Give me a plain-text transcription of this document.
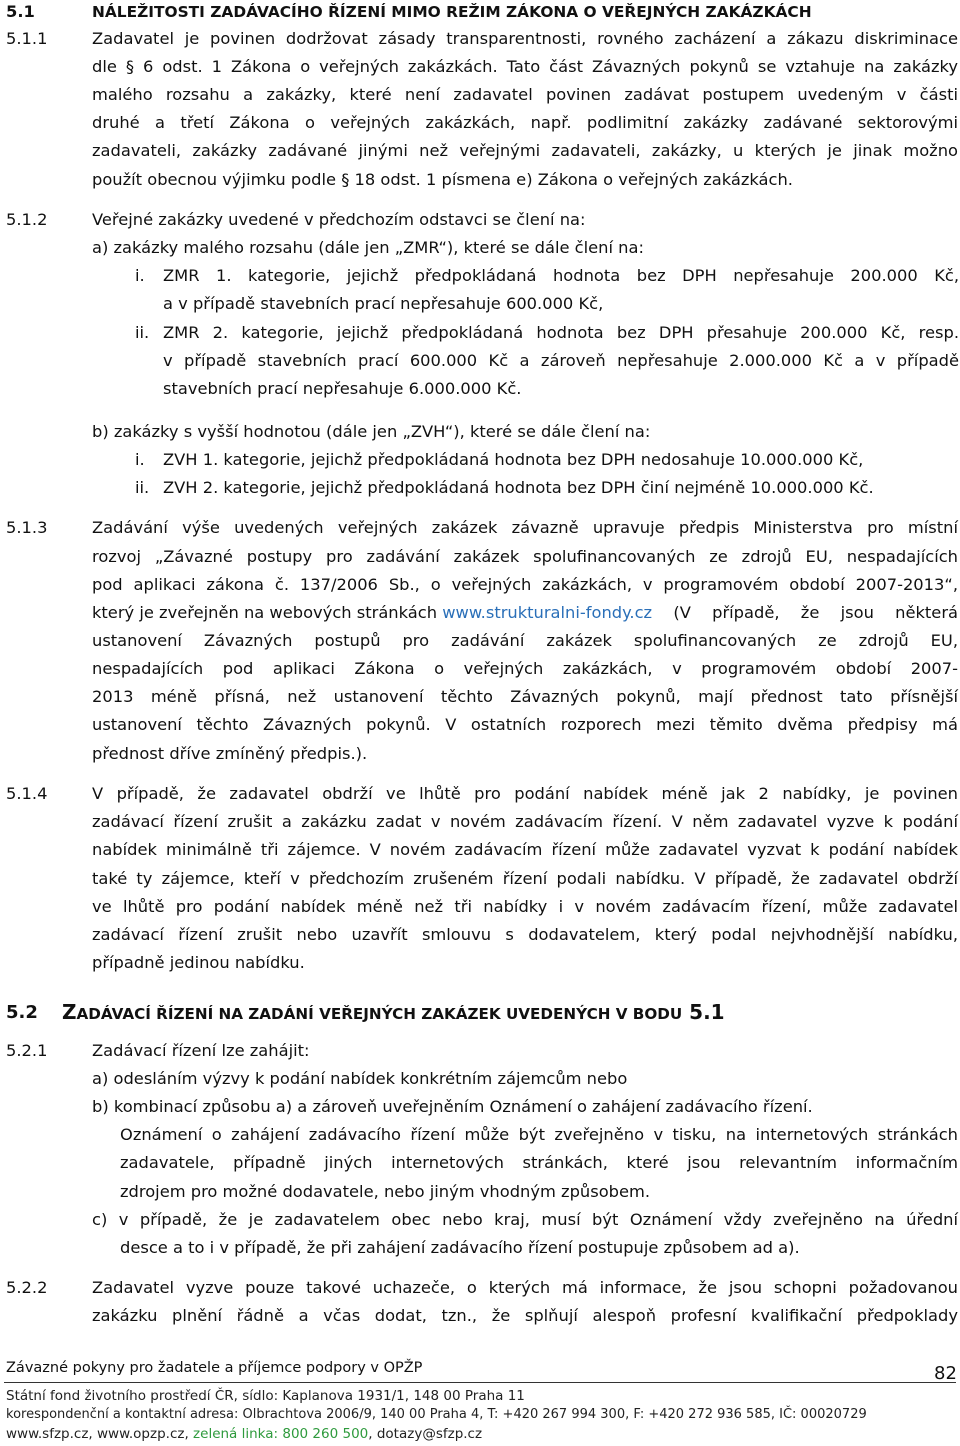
5.1	NÁLEŽITOSTI ZADÁVACÍHO ŘÍZENÍ MIMO REŽIM ZÁKONA O VEŘEJNÝCH ZAKÁZKÁCH
5.1.1	Zadavatel je povinen dodržovat zásady transparentnosti, rovného zacházení a zákazu diskriminace
dle § 6 odst. 1 Zákona o veřejných zakázkách. Tato část Závazných pokynů se vztahuje na zakázky
malého rozsahu a zakázky, které není zadavatel povinen zadávat postupem uvedeným v části
druhé a třetí Zákona o veřejných zakázkách, např. podlimitní zakázky zadávané sektorovými
zadavateli, zakázky zadávané jinými než veřejnými zadavateli, zakázky, u kterých je jinak možno
použít obecnou výjimku podle § 18 odst. 1 písmena e) Zákona o veřejných zakázkách.
5.1.2	Veřejné zakázky uvedené v předchozím odstavci se člení na:
a) zakázky malého rozsahu (dále jen „ZMR“), které se dále člení na:
i. ZMR 1. kategorie, jejichž předpokládaná hodnota bez DPH nepřesahuje 200.000 Kč,
a v případě stavebních prací nepřesahuje 600.000 Kč,
ii. ZMR 2. kategorie, jejichž předpokládaná hodnota bez DPH přesahuje 200.000 Kč, resp.
v případě stavebních prací 600.000 Kč a zároveň nepřesahuje 2.000.000 Kč a v případě
stavebních prací nepřesahuje 6.000.000 Kč.
b) zakázky s vyšší hodnotou (dále jen „ZVH“), které se dále člení na:
i. ZVH 1. kategorie, jejichž předpokládaná hodnota bez DPH nedosahuje 10.000.000 Kč,
ii. ZVH 2. kategorie, jejichž předpokládaná hodnota bez DPH činí nejméně 10.000.000 Kč.
5.1.3	Zadávání výše uvedených veřejných zakázek závazně upravuje předpis Ministerstva pro místní
rozvoj „Závazné postupy pro zadávání zakázek spolufinancovaných ze zdrojů EU, nespadajících
pod aplikaci zákona č. 137/2006 Sb., o veřejných zakázkách, v programovém období 2007-2013“,
který je zveřejněn na webových stránkách www.strukturalni-fondy.cz (V případě, že jsou některá
ustanovení Závazných postupů pro zadávání zakázek spolufinancovaných ze zdrojů EU,
nespadajících pod aplikaci Zákona o veřejných zakázkách, v programovém období 2007-
2013 méně přísná, než ustanovení těchto Závazných pokynů, mají přednost tato přísnější
ustanovení těchto Závazných pokynů. V ostatních rozporech mezi těmito dvěma předpisy má
přednost dříve zmíněný předpis.).
5.1.4	V případě, že zadavatel obdrží ve lhůtě pro podání nabídek méně jak 2 nabídky, je povinen
zadávací řízení zrušit a zakázku zadat v novém zadávacím řízení. V něm zadavatel vyzve k podání
nabídek minimálně tři zájemce. V novém zadávacím řízení může zadavatel vyzvat k podání nabídek
také ty zájemce, kteří v předchozím zrušeném řízení podali nabídku. V případě, že zadavatel obdrží
ve lhůtě pro podání nabídek méně než tři nabídky i v novém zadávacím řízení, může zadavatel
zadávací řízení zrušit nebo uzavřít smlouvu s dodavatelem, který podal nejvhodnější nabídku,
případně jedinou nabídku.
5.2 ZADÁVACÍ ŘÍZENÍ NA ZADÁNÍ VEŘEJNÝCH ZAKÁZEK UVEDENÝCH V BODU 5.1
5.2.1	Zadávací řízení lze zahájit:
a) odesláním výzvy k podání nabídek konkrétním zájemcům nebo
b) kombinací způsobu a) a zároveň uveřejněním Oznámení o zahájení zadávacího řízení.
Oznámení o zahájení zadávacího řízení může být zveřejněno v tisku, na internetových stránkách
zadavatele, případně jiných internetových stránkách, které jsou relevantním informačním
zdrojem pro možné dodavatele, nebo jiným vhodným způsobem.
c) v případě, že je zadavatelem obec nebo kraj, musí být Oznámení vždy zveřejněno na úřední
desce a to i v případě, že při zahájení zadávacího řízení postupuje způsobem ad a).
5.2.2	Zadavatel vyzve pouze takové uchazeče, o kterých má informace, že jsou schopni požadovanou
zakázku plnění řádně a včas dodat, tzn., že splňují alespoň profesní kvalifikační předpoklady
Závazné pokyny pro žadatele a příjemce podpory v OPŽP	82
Státní fond životního prostředí ČR, sídlo: Kaplanova 1931/1, 148 00 Praha 11
korespondenční a kontaktní adresa: Olbrachtova 2006/9, 140 00 Praha 4, T: +420 267 994 300, F: +420 272 936 585, IČ: 00020729
www.sfzp.cz, www.opzp.cz, zelená linka: 800 260 500, dotazy@sfzp.cz
